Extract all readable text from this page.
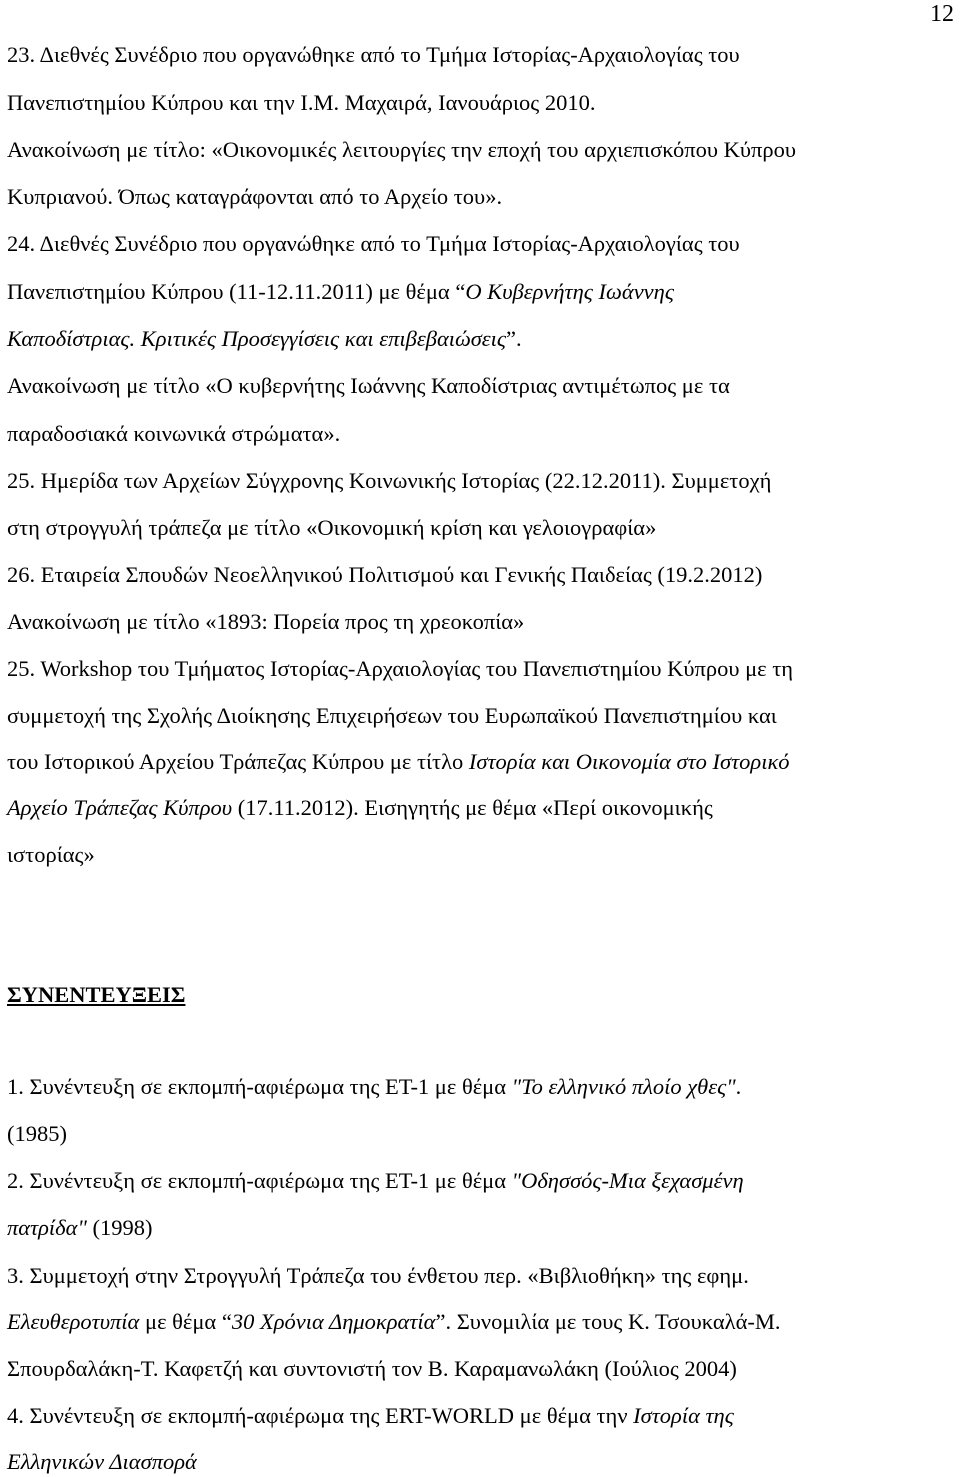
12
23. Διεθνές Συνέδριο που οργανώθηκε από το Τμήμα Ιστορίας-Αρχαιολογίας του
Πανεπιστημίου Κύπρου και την Ι.Μ. Μαχαιρά, Ιανουάριος 2010.
Ανακοίνωση με τίτλο: «Οικονομικές λειτουργίες την εποχή του αρχιεπισκόπου Κύπρου
Κυπριανού. Όπως καταγράφονται από το Αρχείο του».
24. Διεθνές Συνέδριο που οργανώθηκε από το Τμήμα Ιστορίας-Αρχαιολογίας του
Πανεπιστημίου Κύπρου (11-12.11.2011) με θέμα “Ο Κυβερνήτης Ιωάννης
Καποδίστριας. Κριτικές Προσεγγίσεις και επιβεβαιώσεις”.
Ανακοίνωση με τίτλο «Ο κυβερνήτης Ιωάννης Καποδίστριας αντιμέτωπος με τα
παραδοσιακά κοινωνικά στρώματα».
25. Ημερίδα των Αρχείων Σύγχρονης Κοινωνικής Ιστορίας (22.12.2011). Συμμετοχή
στη στρογγυλή τράπεζα με τίτλο «Οικονομική κρίση και γελοιογραφία»
26. Εταιρεία Σπουδών Νεοελληνικού Πολιτισμού και Γενικής Παιδείας (19.2.2012)
Ανακοίνωση με τίτλο «1893: Πορεία προς τη χρεοκοπία»
25. Workshop του Τμήματος Ιστορίας-Αρχαιολογίας του Πανεπιστημίου Κύπρου με τη
συμμετοχή της Σχολής Διοίκησης Επιχειρήσεων του Ευρωπαϊκού Πανεπιστημίου και
του Ιστορικού Αρχείου Τράπεζας Κύπρου με τίτλο Ιστορία και Οικονομία στο Ιστορικό
Αρχείο Τράπεζας Κύπρου (17.11.2012). Εισηγητής με θέμα «Περί οικονομικής
ιστορίας»
ΣΥΝΕΝΤΕΥΞΕΙΣ
1. Συνέντευξη σε εκπομπή-αφιέρωμα της ΕΤ-1 με θέμα "Το ελληνικό πλοίο χθες".
(1985)
2. Συνέντευξη σε εκπομπή-αφιέρωμα της ΕΤ-1 με θέμα "Οδησσός-Μια ξεχασμένη
πατρίδα" (1998)
3. Συμμετοχή στην Στρογγυλή Τράπεζα του ένθετου περ. «Βιβλιοθήκη» της εφημ.
Ελευθεροτυπία με θέμα “30 Χρόνια Δημοκρατία”. Συνομιλία με τους Κ. Τσουκαλά-Μ.
Σπουρδαλάκη-Τ. Καφετζή και συντονιστή τον Β. Καραμανωλάκη (Ιούλιος 2004)
4. Συνέντευξη σε εκπομπή-αφιέρωμα της ERT-WORLD με θέμα την Ιστορία της
Ελληνικών Διασπορά
